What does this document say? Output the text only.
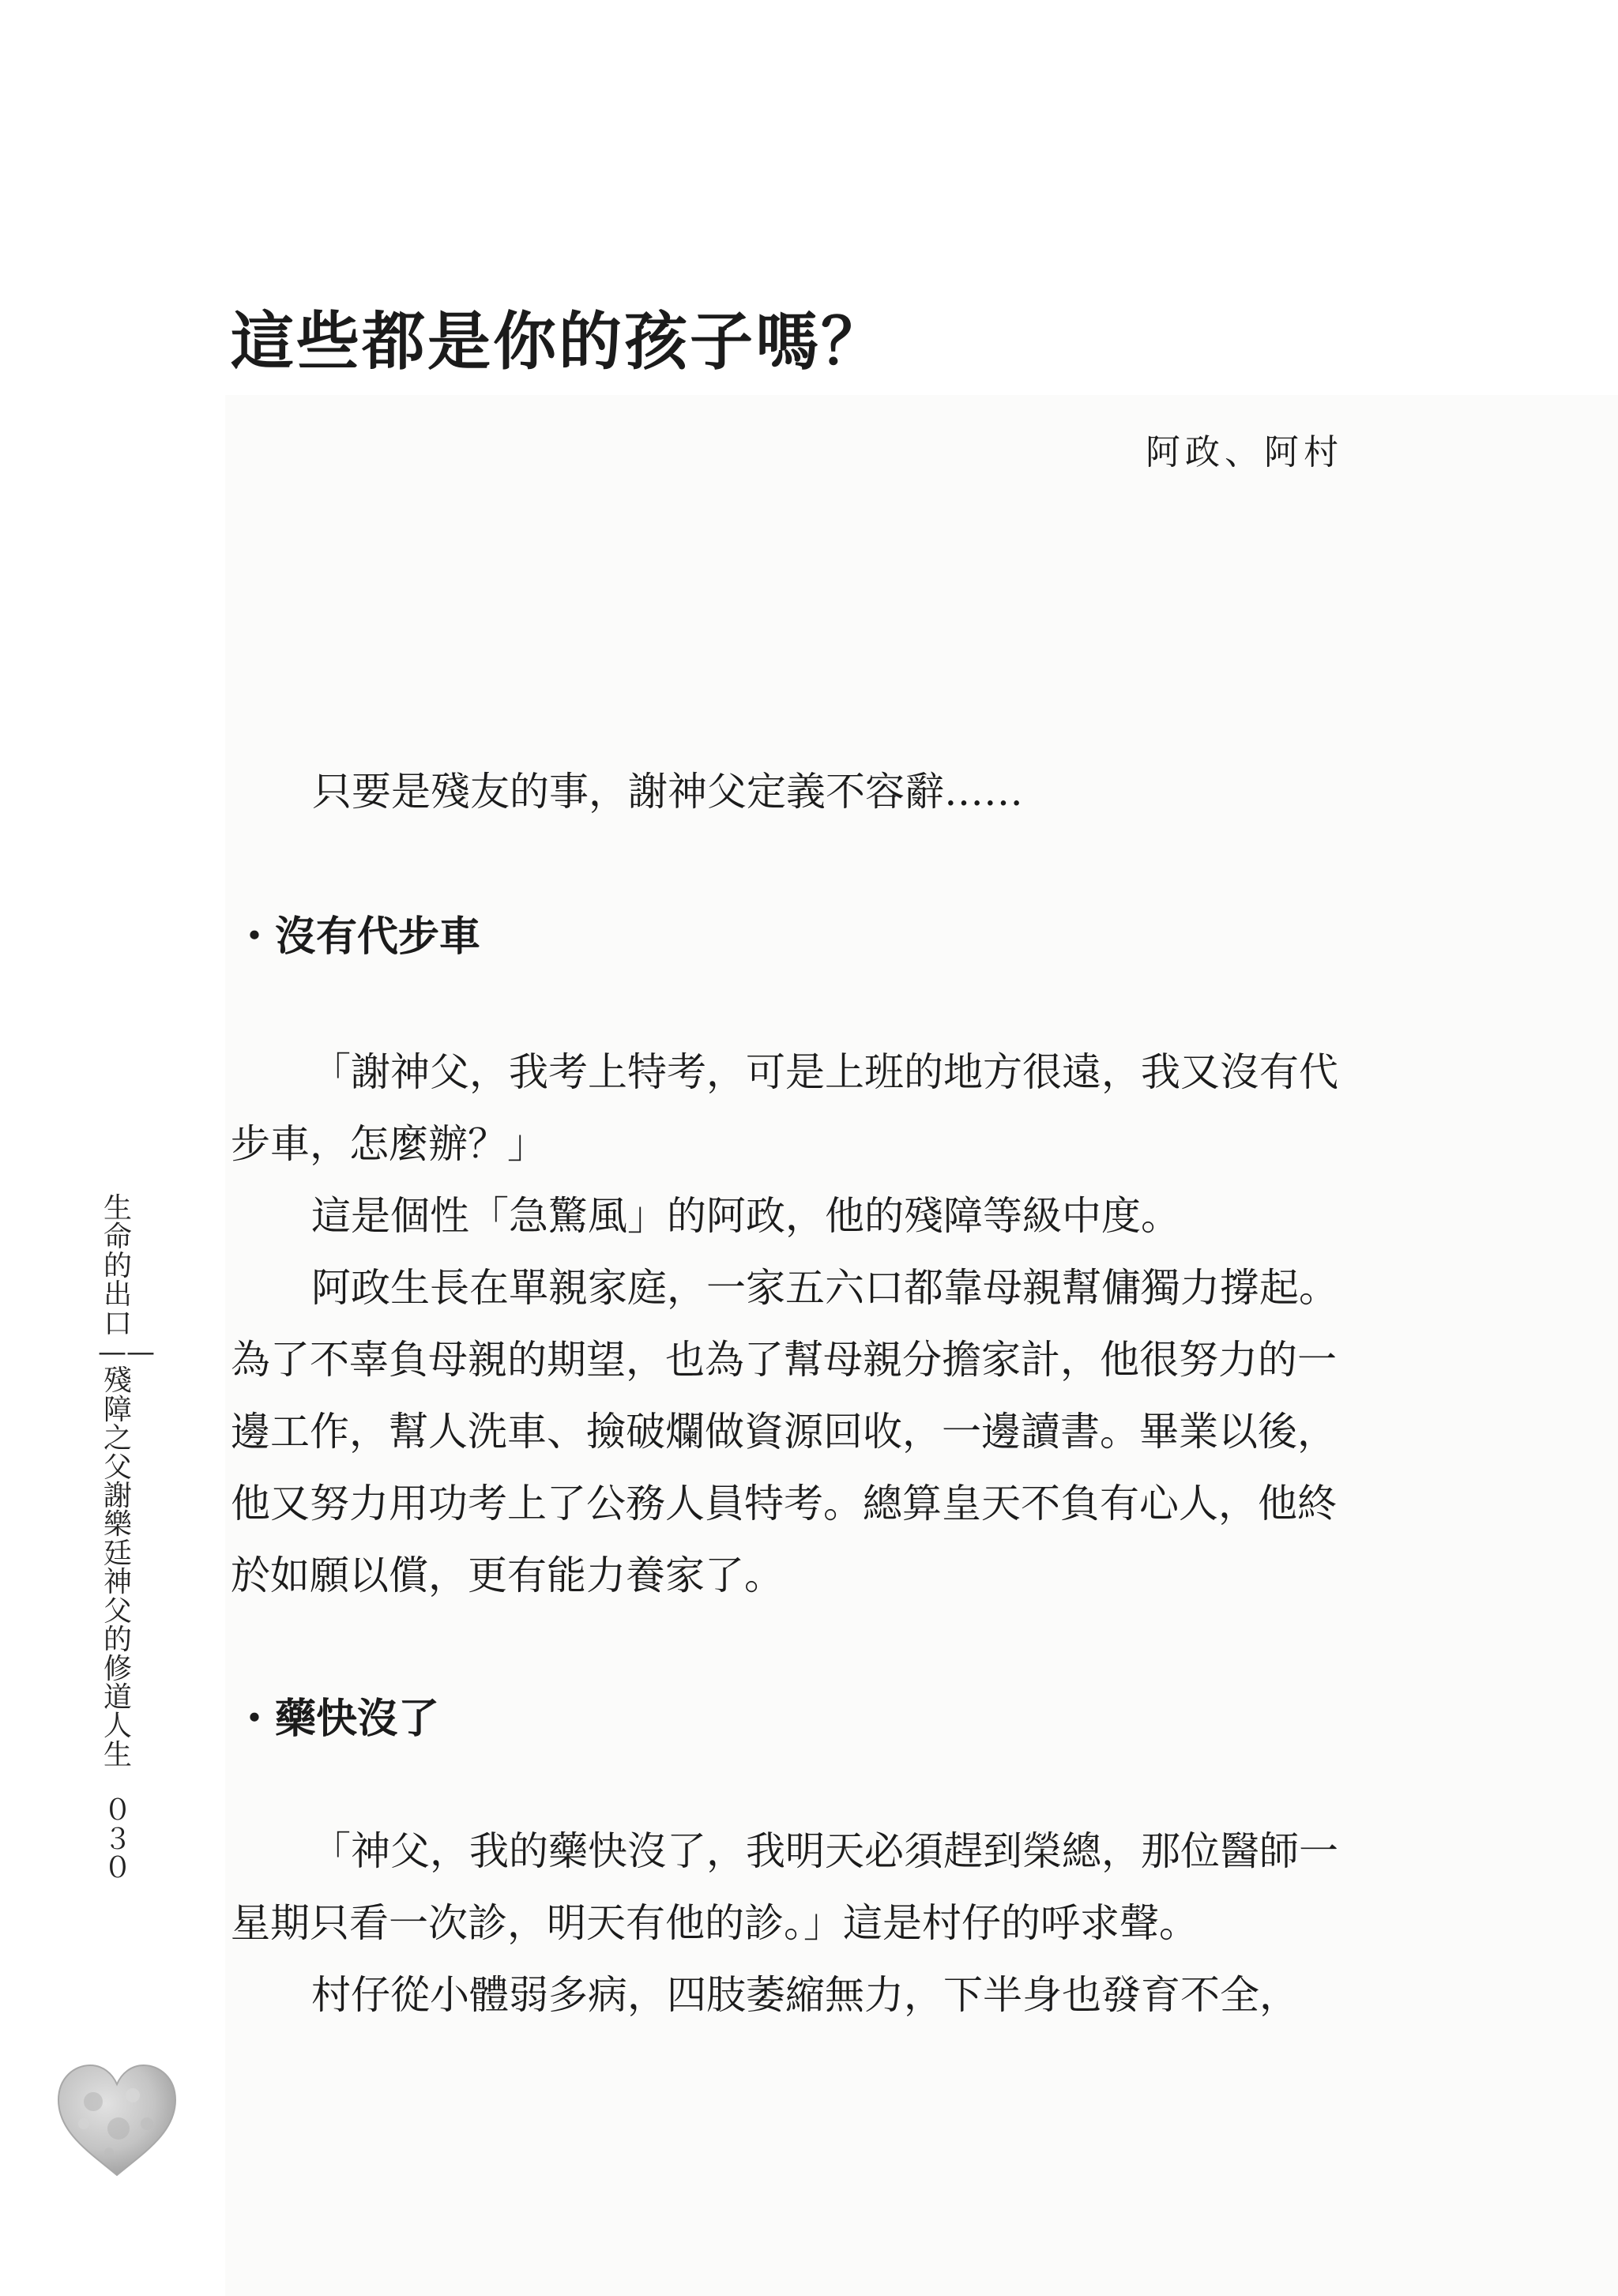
這些都是你的孩子嗎？
阿政、阿村
只要是殘友的事，謝神父定義不容辭……
・沒有代步車

「謝神父，我考上特考，可是上班的地方很遠，我又沒有代步車，怎麼辦？」

這是個性「急驚風」的阿政，他的殘障等級中度。

阿政生長在單親家庭，一家五六口都靠母親幫傭獨力撐起。為了不辜負母親的期望，也為了幫母親分擔家計，他很努力的一邊工作，幫人洗車、撿破爛做資源回收，一邊讀書。畢業以後，他又努力用功考上了公務人員特考。總算皇天不負有心人，他終於如願以償，更有能力養家了。

・藥快沒了

「神父，我的藥快沒了，我明天必須趕到榮總，那位醫師一星期只看一次診，明天有他的診。」這是村仔的呼求聲。

村仔從小體弱多病，四肢萎縮無力，下半身也發育不全，

生命的出口——殘障之父謝樂廷神父的修道人生
０３０
